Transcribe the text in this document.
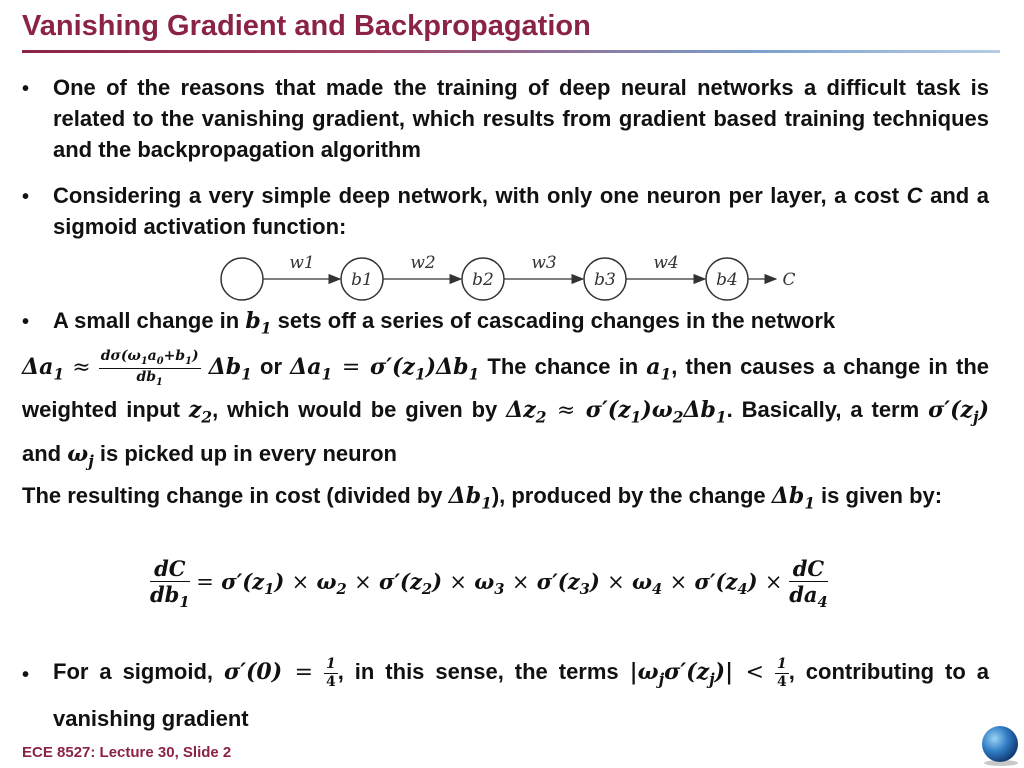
Vanishing Gradient and Backpropagation
• One of the reasons that made the training of deep neural networks a difficult task is related to the vanishing gradient, which results from gradient based training techniques and the backpropagation algorithm
• Considering a very simple deep network, with only one neuron per layer, a cost C and a sigmoid activation function:
b1	b2	b3	b4
w1	w2	w3	w4
C
• A small change in $b_1$ sets off a series of cascading changes in the network
$\Delta a_1 \approx \frac{d\sigma(\omega_1a_0+b_1)}{db_1} \Delta b_1$ or $\Delta a_1 = \sigma'(z_1)\Delta b_1$ The chance in $a_1$, then causes a change in the weighted input $z_2$, which would be given by $\Delta z_2 \approx \sigma'(z_1)\omega_2\Delta b_1$. Basically, a term $\sigma'(z_j)$ and $\omega_j$ is picked up in every neuron
The resulting change in cost (divided by $\Delta b_1$), produced by the change $\Delta b_1$ is given by:
$\frac{dC}{db_1} = \sigma'(z_1) \times \omega_2 \times \sigma'(z_2) \times \omega_3 \times \sigma'(z_3) \times \omega_4 \times \sigma'(z_4) \times \frac{dC}{da_4}$
• For a sigmoid, $\sigma'(0) = \frac{1}{4}$ , in this sense, the terms $|\omega_j\sigma'(z_j)| < \frac{1}{4}$ , contributing to a vanishing gradient
ECE 8527: Lecture 30, Slide 2
